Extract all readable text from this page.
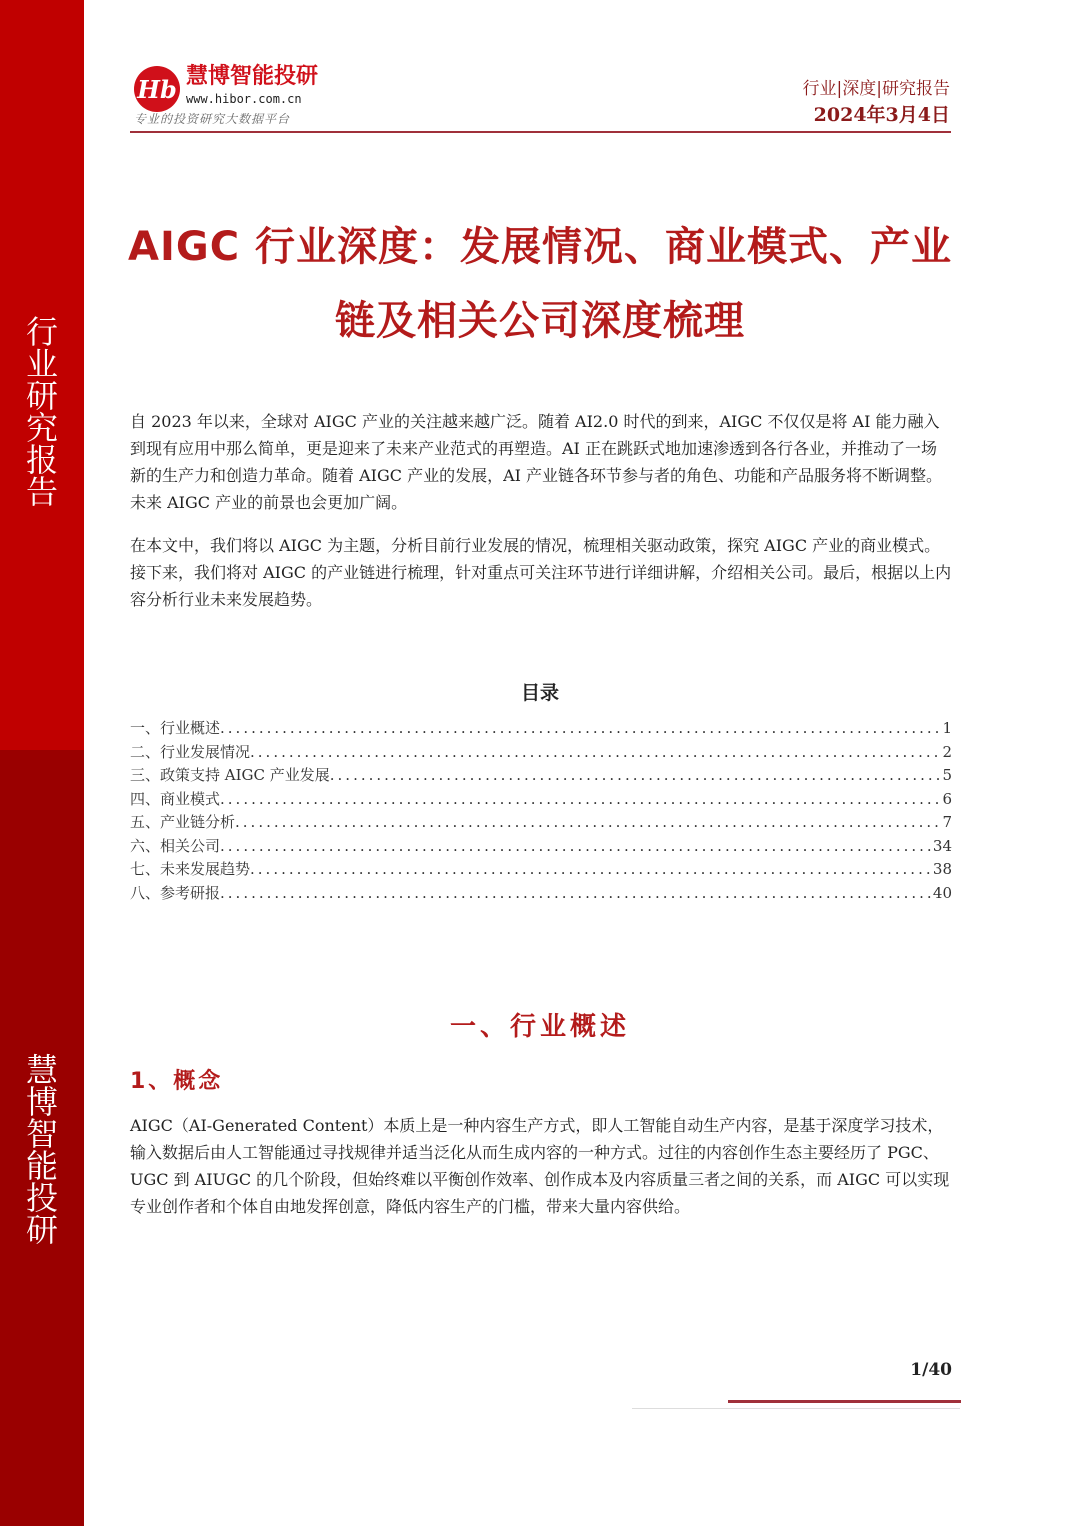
行业研究报告
慧博智能投研
Hb 慧博智能投研
www.hibor.com.cn
专业的投资研究大数据平台
行业|深度|研究报告
2024年3月4日
AIGC 行业深度：发展情况、商业模式、产业
链及相关公司深度梳理
自 2023 年以来，全球对 AIGC 产业的关注越来越广泛。随着 AI2.0 时代的到来，AIGC 不仅仅是将 AI 能力融入到现有应用中那么简单，更是迎来了未来产业范式的再塑造。AI 正在跳跃式地加速渗透到各行各业，并推动了一场新的生产力和创造力革命。随着 AIGC 产业的发展，AI 产业链各环节参与者的角色、功能和产品服务将不断调整。未来 AIGC 产业的前景也会更加广阔。
在本文中，我们将以 AIGC 为主题，分析目前行业发展的情况，梳理相关驱动政策，探究 AIGC 产业的商业模式。接下来，我们将对 AIGC 的产业链进行梳理，针对重点可关注环节进行详细讲解，介绍相关公司。最后，根据以上内容分析行业未来发展趋势。
目录
一、行业概述 .....	1
二、行业发展情况 .....	2
三、政策支持 AIGC 产业发展 .....	5
四、商业模式 .....	6
五、产业链分析 .....	7
六、相关公司 .....	34
七、未来发展趋势 .....	38
八、参考研报 .....	40
一、行业概述
1、概念
AIGC（AI-Generated Content）本质上是一种内容生产方式，即人工智能自动生产内容，是基于深度学习技术，输入数据后由人工智能通过寻找规律并适当泛化从而生成内容的一种方式。过往的内容创作生态主要经历了 PGC、UGC 到 AIUGC 的几个阶段，但始终难以平衡创作效率、创作成本及内容质量三者之间的关系，而 AIGC 可以实现专业创作者和个体自由地发挥创意，降低内容生产的门槛，带来大量内容供给。
1/40
